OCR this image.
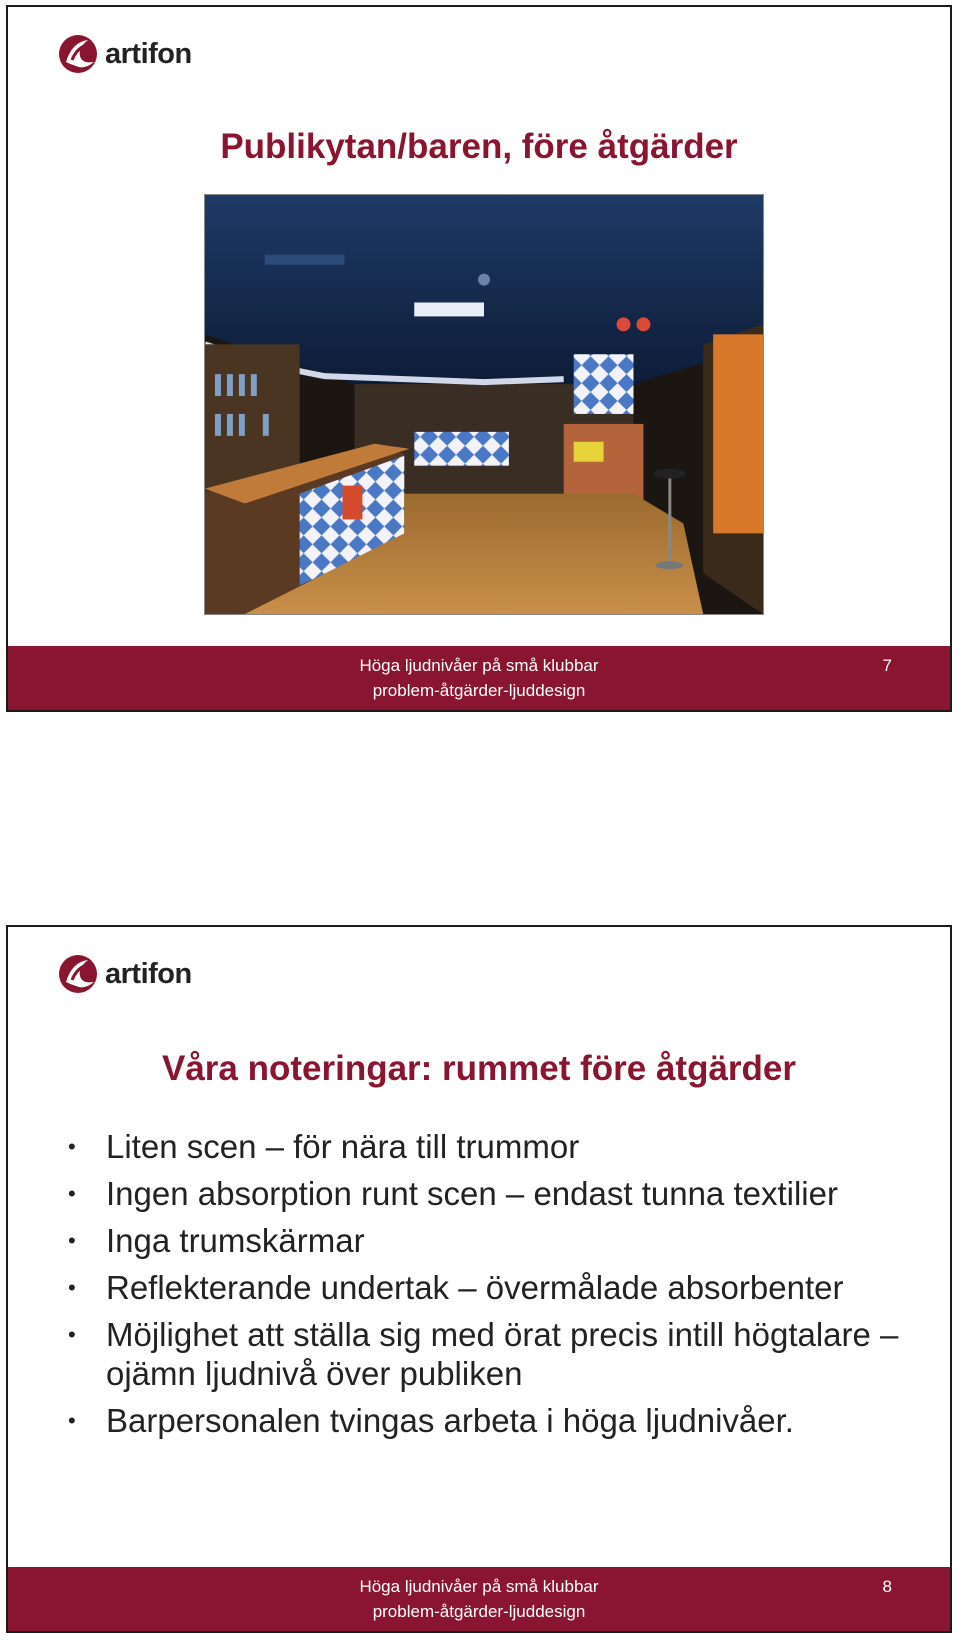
artifon
Publikytan/baren, före åtgärder
Höga ljudnivåer på små klubbar
problem-åtgärder-ljuddesign
7
artifon
Våra noteringar: rummet före åtgärder
• Liten scen – för nära till trummor
• Ingen absorption runt scen – endast tunna textilier
• Inga trumskärmar
• Reflekterande undertak – övermålade absorbenter
• Möjlighet att ställa sig med örat precis intill högtalare – ojämn ljudnivå över publiken
• Barpersonalen tvingas arbeta i höga ljudnivåer.
Höga ljudnivåer på små klubbar
problem-åtgärder-ljuddesign
8
